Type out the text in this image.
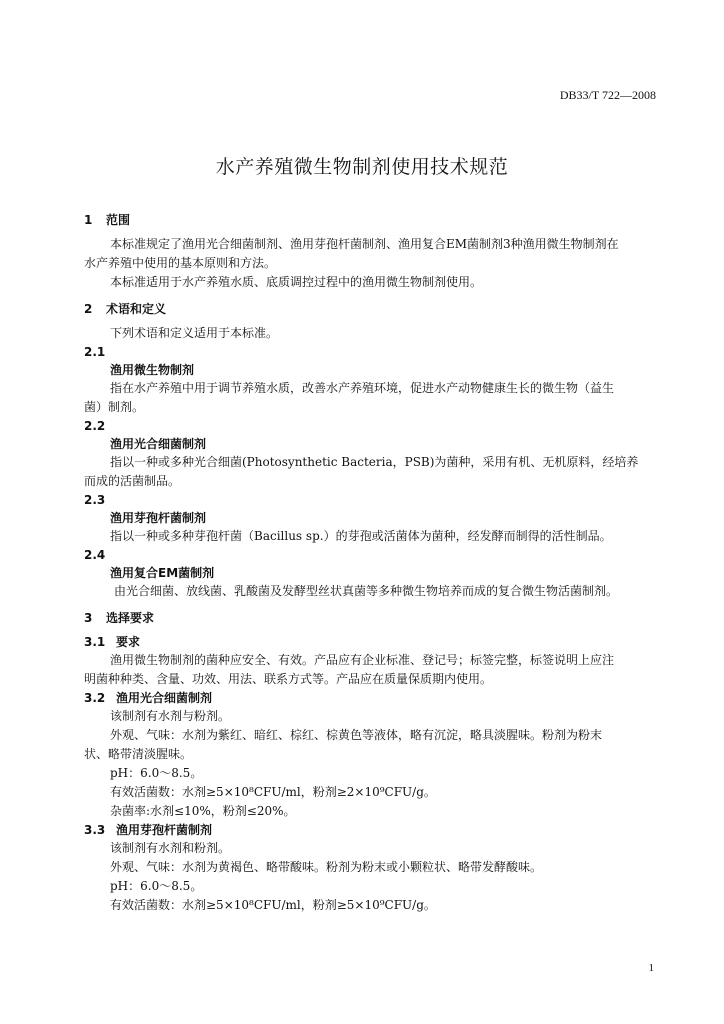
DB33/T 722—2008
水产养殖微生物制剂使用技术规范
1 范围
本标准规定了渔用光合细菌制剂、渔用芽孢杆菌制剂、渔用复合EM菌制剂3种渔用微生物制剂在
水产养殖中使用的基本原则和方法。
本标准适用于水产养殖水质、底质调控过程中的渔用微生物制剂使用。
2 术语和定义
下列术语和定义适用于本标准。
2.1
渔用微生物制剂
指在水产养殖中用于调节养殖水质，改善水产养殖环境，促进水产动物健康生长的微生物（益生
菌）制剂。
2.2
渔用光合细菌制剂
指以一种或多种光合细菌(Photosynthetic Bacteria，PSB)为菌种，采用有机、无机原料，经培养
而成的活菌制品。
2.3
渔用芽孢杆菌制剂
指以一种或多种芽孢杆菌（Bacillus sp.）的芽孢或活菌体为菌种，经发酵而制得的活性制品。
2.4
渔用复合EM菌制剂
由光合细菌、放线菌、乳酸菌及发酵型丝状真菌等多种微生物培养而成的复合微生物活菌制剂。
3 选择要求
3.1 要求
渔用微生物制剂的菌种应安全、有效。产品应有企业标准、登记号；标签完整，标签说明上应注
明菌种种类、含量、功效、用法、联系方式等。产品应在质量保质期内使用。
3.2 渔用光合细菌制剂
该制剂有水剂与粉剂。
外观、气味：水剂为紫红、暗红、棕红、棕黄色等液体，略有沉淀，略具淡腥味。粉剂为粉末
状、略带清淡腥味。
pH：6.0～8.5。
有效活菌数：水剂≥5×10⁸CFU/ml，粉剂≥2×10⁹CFU/g。
杂菌率:水剂≤10%，粉剂≤20%。
3.3 渔用芽孢杆菌制剂
该制剂有水剂和粉剂。
外观、气味：水剂为黄褐色、略带酸味。粉剂为粉末或小颗粒状、略带发酵酸味。
pH：6.0～8.5。
有效活菌数：水剂≥5×10⁸CFU/ml，粉剂≥5×10⁹CFU/g。
1
